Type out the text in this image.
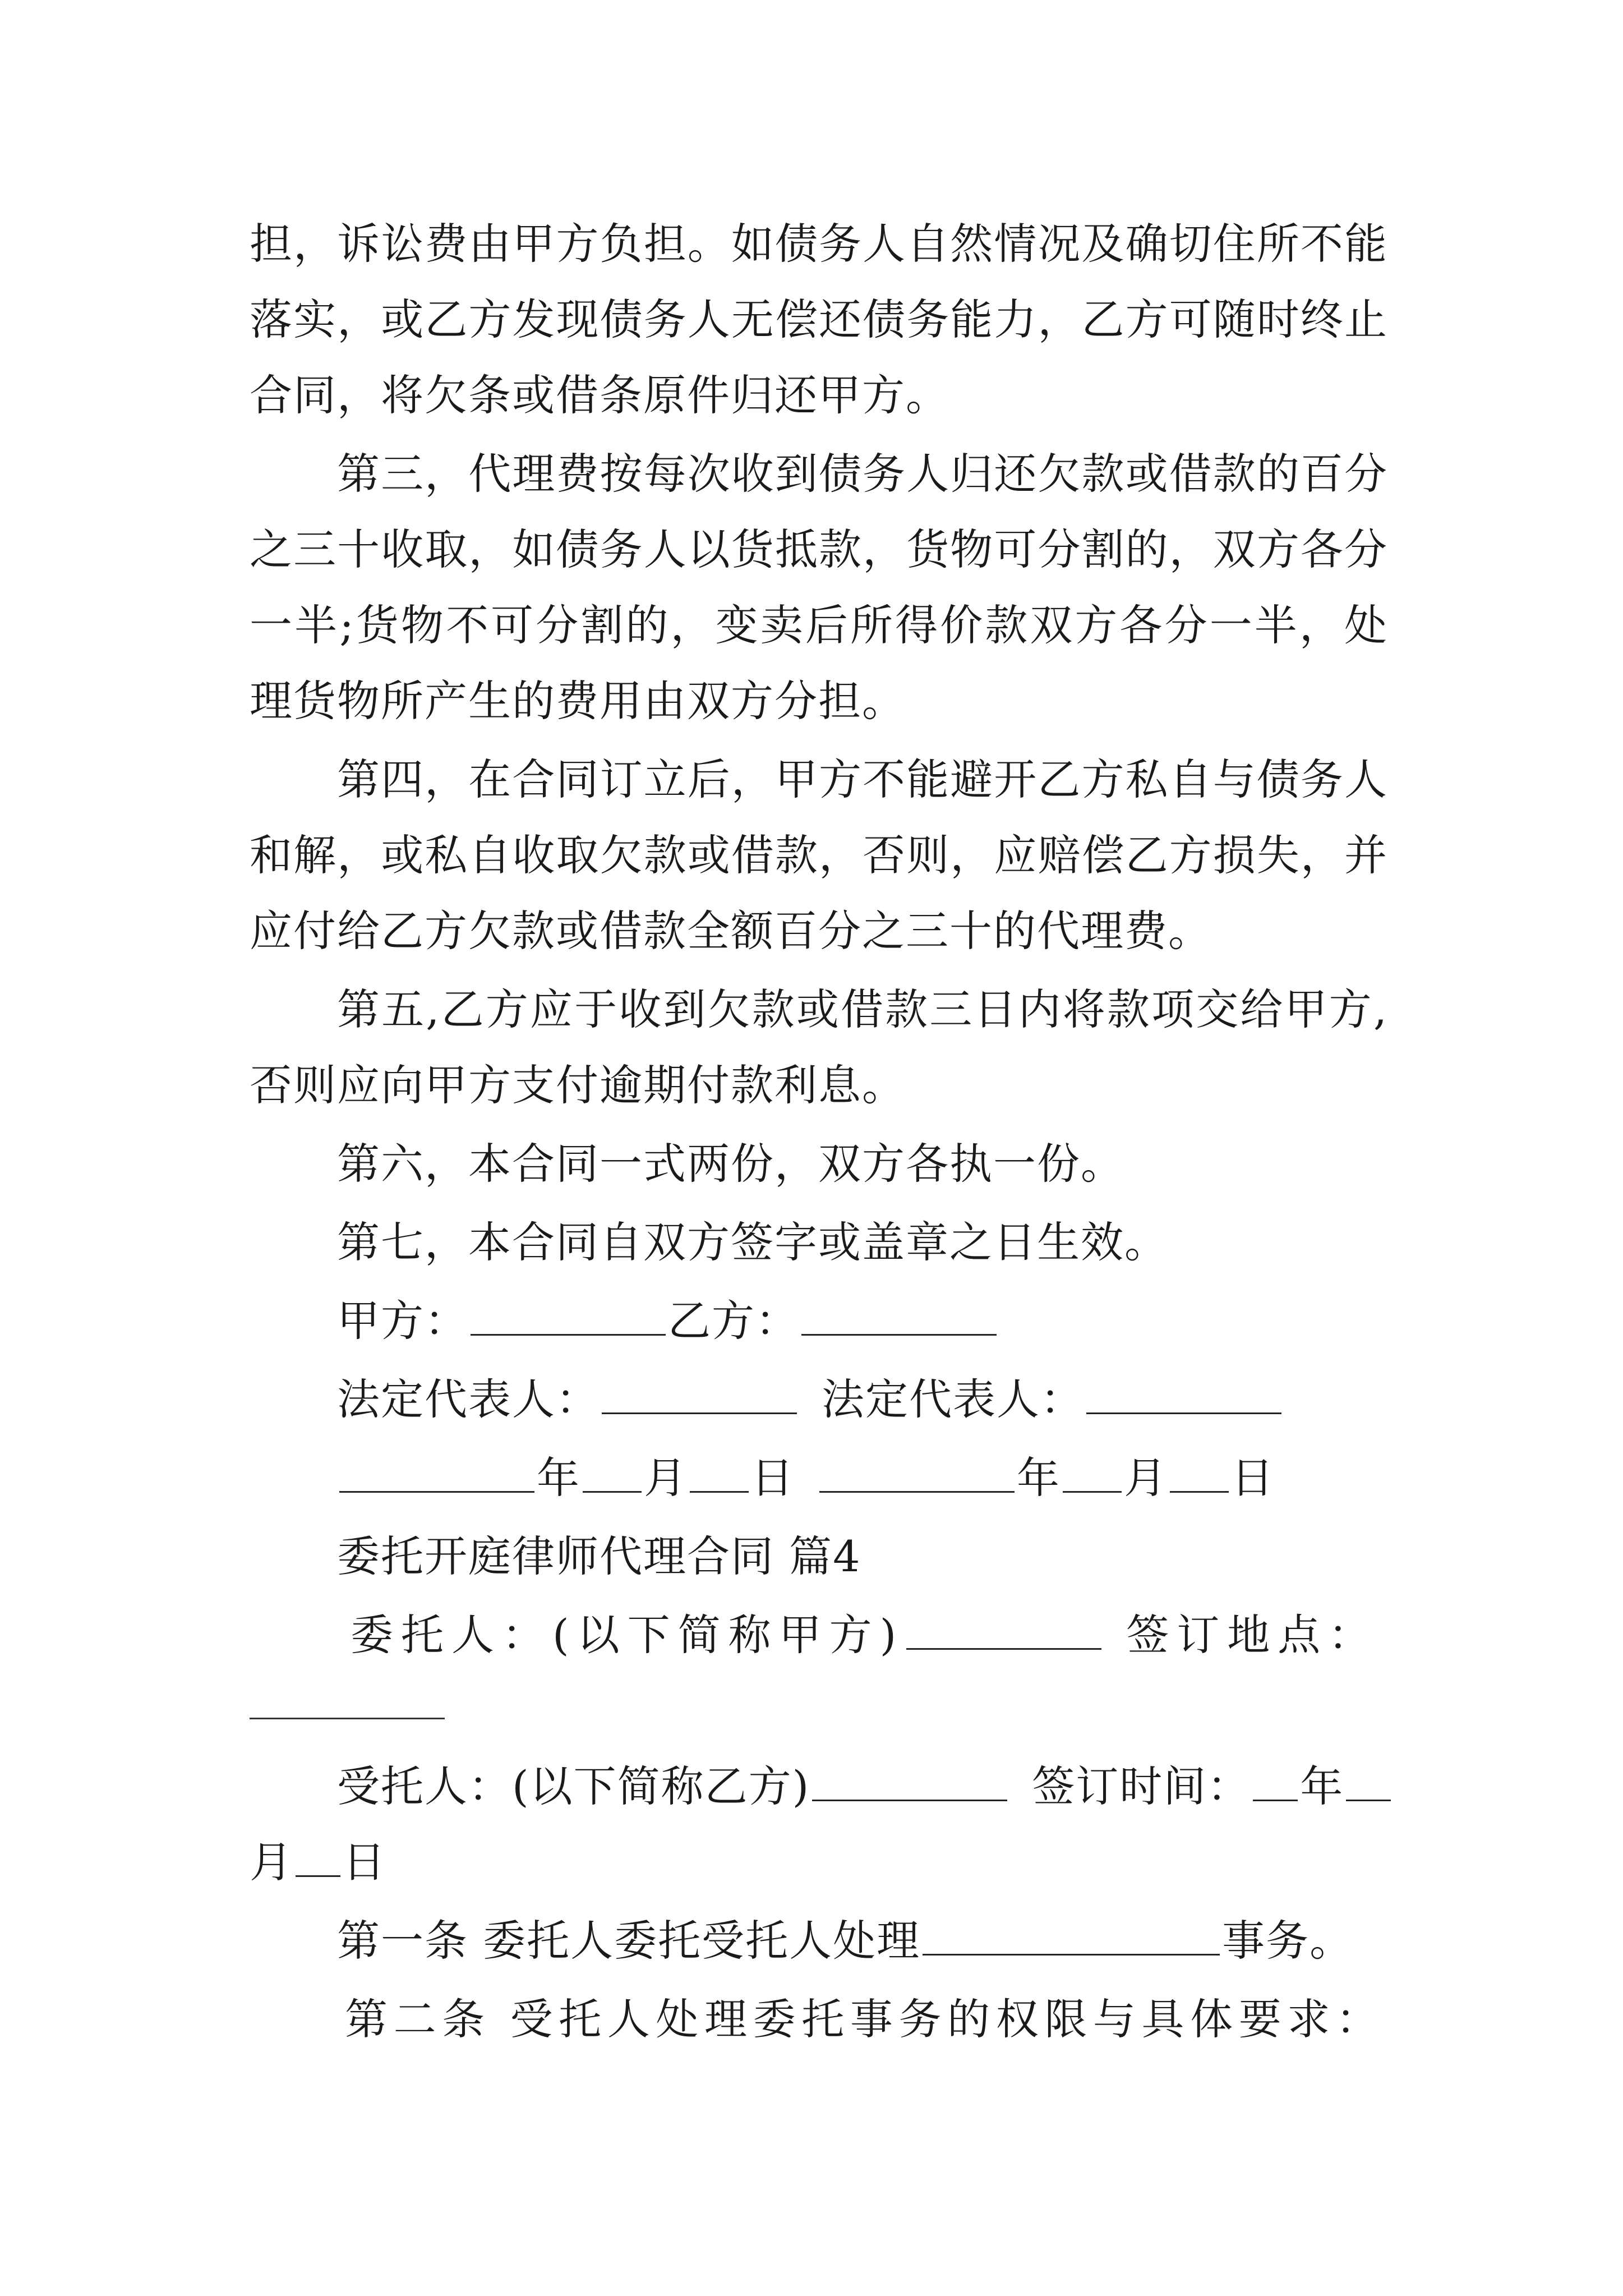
担，诉讼费由甲方负担。如债务人自然情况及确切住所不能
落实，或乙方发现债务人无偿还债务能力，乙方可随时终止
合同，将欠条或借条原件归还甲方。
第三，代理费按每次收到债务人归还欠款或借款的百分
之三十收取，如债务人以货抵款，货物可分割的，双方各分
一半;货物不可分割的，变卖后所得价款双方各分一半，处
理货物所产生的费用由双方分担。
第四，在合同订立后，甲方不能避开乙方私自与债务人
和解，或私自收取欠款或借款，否则，应赔偿乙方损失，并
应付给乙方欠款或借款全额百分之三十的代理费。
第五,乙方应于收到欠款或借款三日内将款项交给甲方,
否则应向甲方支付逾期付款利息。
第六，本合同一式两份，双方各执一份。
第七，本合同自双方签字或盖章之日生效。
甲方：	乙方：
法定代表人：	法定代表人：
年 月 日	年 月 日
委托开庭律师代理合同 篇4
委托人：(以下简称甲方)	签订地点：
受托人：(以下简称乙方)	签订时间： 年
月 日
第一条 委托人委托受托人处理	事务。
第二条 受托人处理委托事务的权限与具体要求：
